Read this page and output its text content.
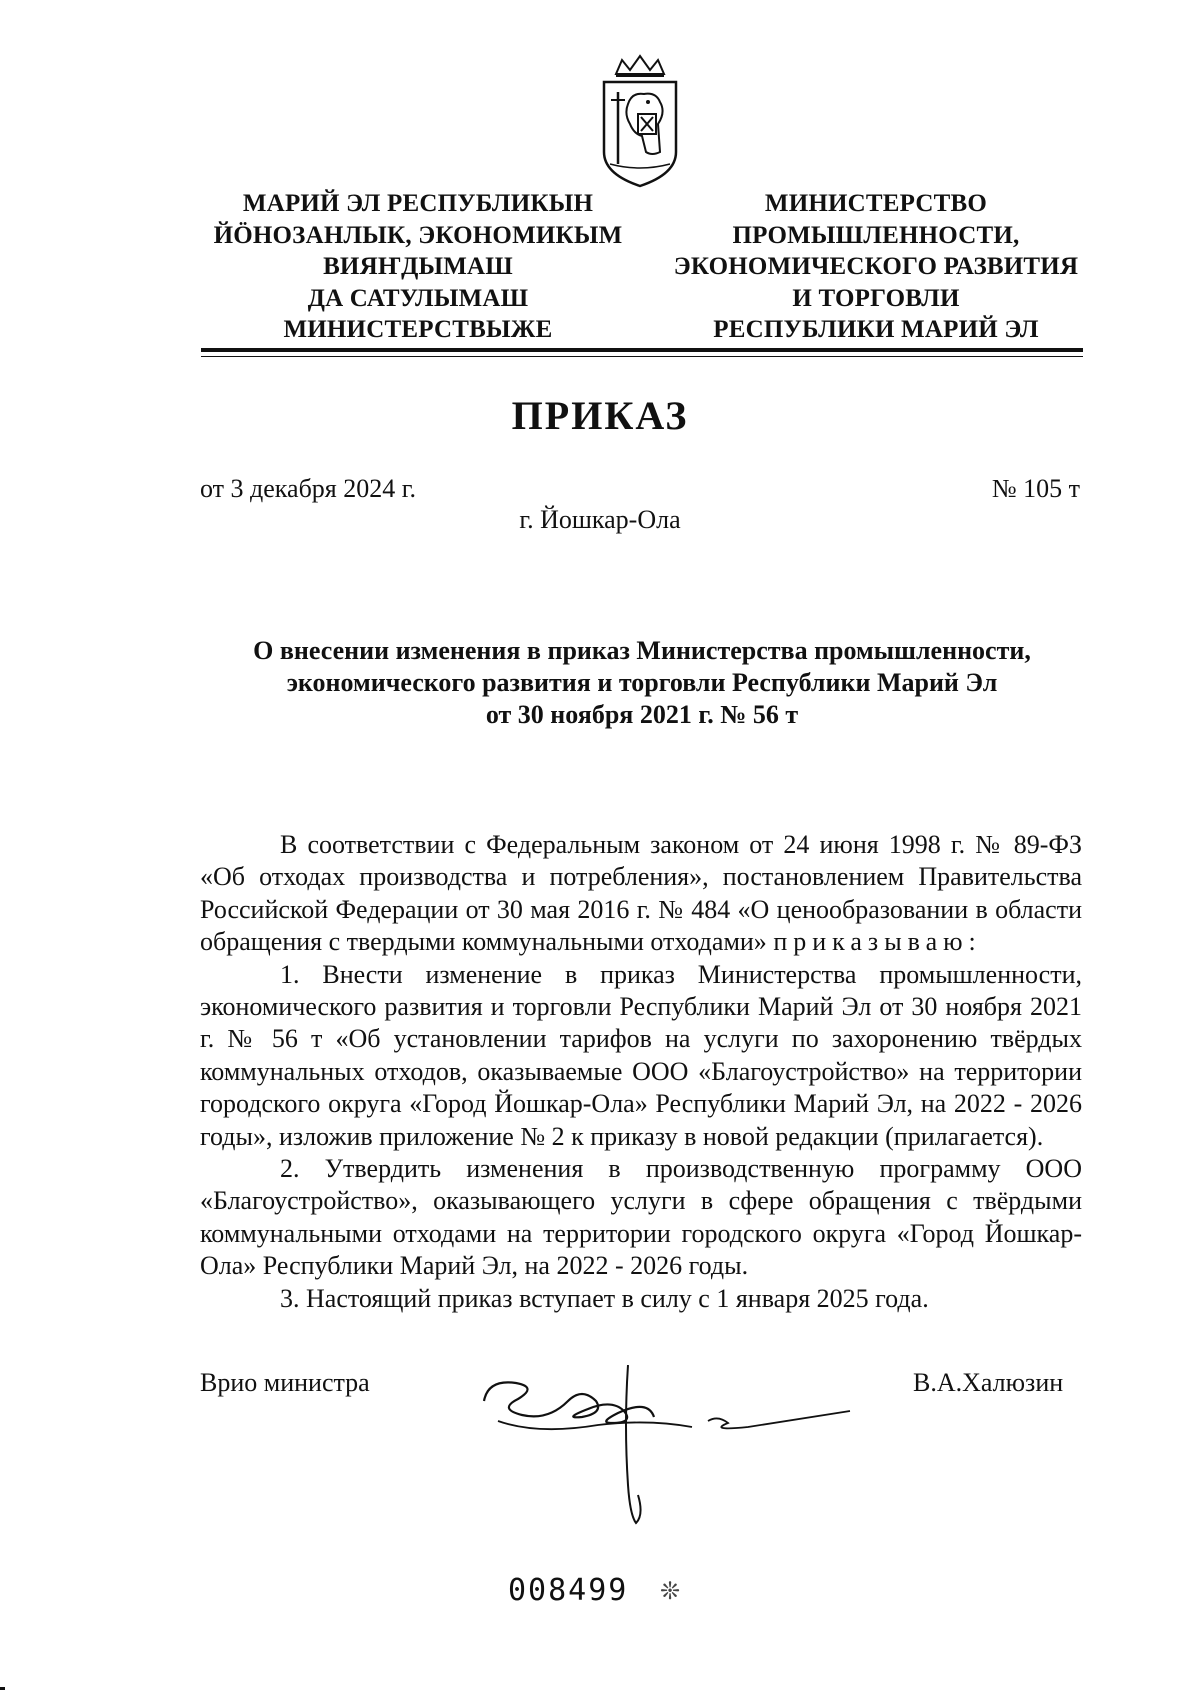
МАРИЙ ЭЛ РЕСПУБЛИКЫН
ЙÖНОЗАНЛЫК, ЭКОНОМИКЫМ
ВИЯҤДЫМАШ
ДА САТУЛЫМАШ
МИНИСТЕРСТВЫЖЕ
МИНИСТЕРСТВО
ПРОМЫШЛЕННОСТИ,
ЭКОНОМИЧЕСКОГО РАЗВИТИЯ
И ТОРГОВЛИ
РЕСПУБЛИКИ МАРИЙ ЭЛ
ПРИКАЗ
от 3 декабря 2024 г.	№ 105 т
г. Йошкар-Ола
О внесении изменения в приказ Министерства промышленности,
экономического развития и торговли Республики Марий Эл
от 30 ноября 2021 г. № 56 т

В соответствии с Федеральным законом от 24 июня 1998 г. № 89-ФЗ «Об отходах производства и потребления», постановлением Правительства Российской Федерации от 30 мая 2016 г. № 484 «О ценообразовании в области обращения с твердыми коммунальными отходами» приказываю:

1. Внести изменение в приказ Министерства промышленности, экономического развития и торговли Республики Марий Эл от 30 ноября 2021 г. № 56 т «Об установлении тарифов на услуги по захоронению твёрдых коммунальных отходов, оказываемые ООО «Благоустройство» на территории городского округа «Город Йошкар-Ола» Республики Марий Эл, на 2022 - 2026 годы», изложив приложение № 2 к приказу в новой редакции (прилагается).

2. Утвердить изменения в производственную программу ООО «Благоустройство», оказывающего услуги в сфере обращения с твёрдыми коммунальными отходами на территории городского округа «Город Йошкар-Ола» Республики Марий Эл, на 2022 - 2026 годы.

3. Настоящий приказ вступает в силу с 1 января 2025 года.

Врио министра	В.А.Халюзин
008499 ❊
